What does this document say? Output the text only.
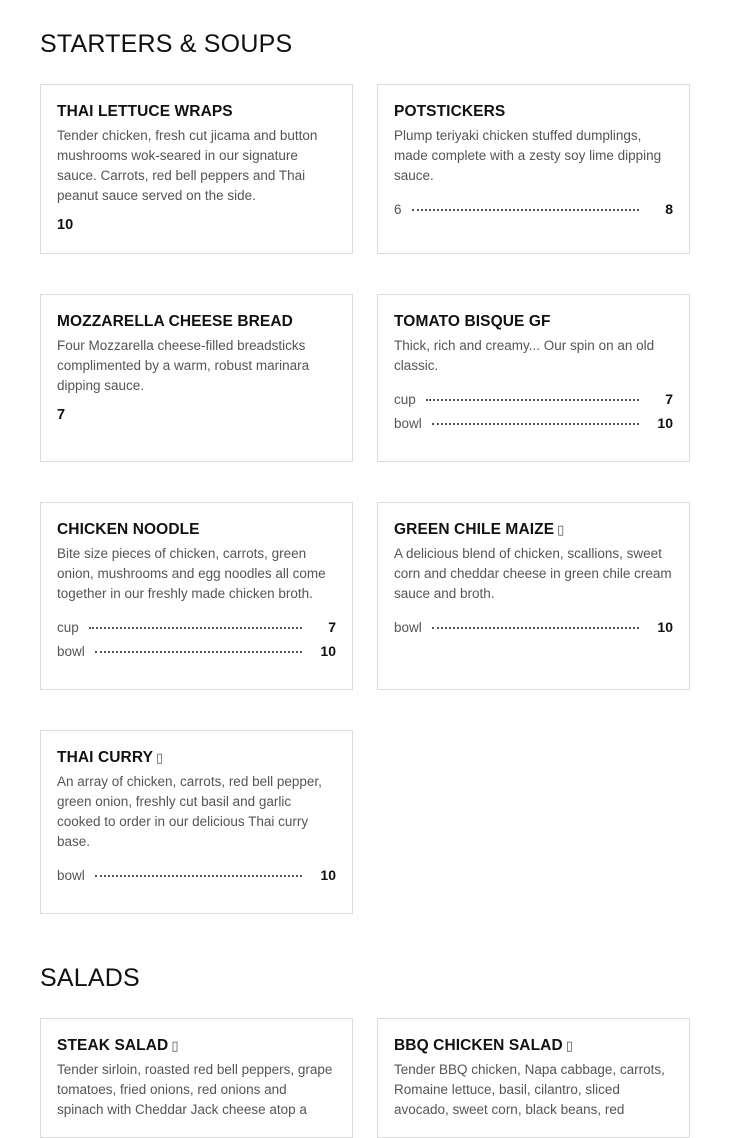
STARTERS & SOUPS
THAI LETTUCE WRAPS

Tender chicken, fresh cut jicama and button mushrooms wok-seared in our signature sauce. Carrots, red bell peppers and Thai peanut sauce served on the side.

10
POTSTICKERS

Plump teriyaki chicken stuffed dumplings, made complete with a zesty soy lime dipping sauce.

6	8
MOZZARELLA CHEESE BREAD

Four Mozzarella cheese-filled breadsticks complimented by a warm, robust marinara dipping sauce.

7
TOMATO BISQUE GF

Thick, rich and creamy... Our spin on an old classic.

cup	7
bowl	10
CHICKEN NOODLE

Bite size pieces of chicken, carrots, green onion, mushrooms and egg noodles all come together in our freshly made chicken broth.

cup	7
bowl	10
GREEN CHILE MAIZE ▯

A delicious blend of chicken, scallions, sweet corn and cheddar cheese in green chile cream sauce and broth.

bowl	10
THAI CURRY ▯

An array of chicken, carrots, red bell pepper, green onion, freshly cut basil and garlic cooked to order in our delicious Thai curry base.

bowl	10
SALADS
STEAK SALAD ▯

Tender sirloin, roasted red bell peppers, grape tomatoes, fried onions, red onions and spinach with Cheddar Jack cheese atop a

BBQ CHICKEN SALAD ▯

Tender BBQ chicken, Napa cabbage, carrots, Romaine lettuce, basil, cilantro, sliced avocado, sweet corn, black beans, red
